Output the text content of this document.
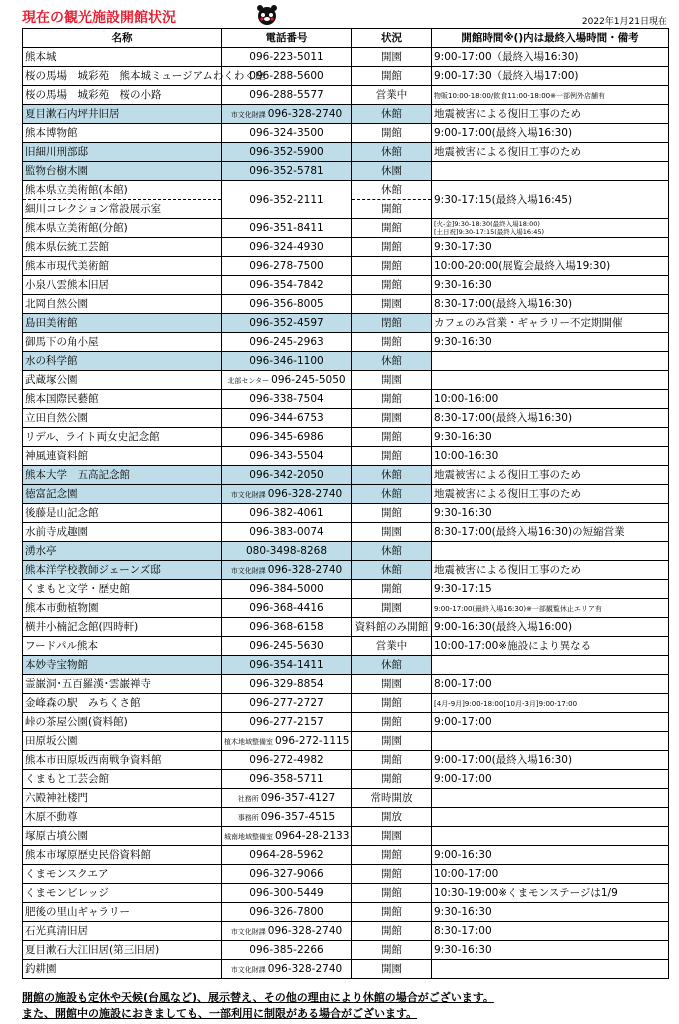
現在の観光施設開館状況	2022年1月21日現在
名称	電話番号	状況	開館時間※()内は最終入場時間・備考
熊本城	096-223-5011	開園	9:00-17:00（最終入場16:30)
桜の馬場　城彩苑　熊本城ミュージアムわくわく座	096-288-5600	開館	9:00-17:30（最終入場17:00)
桜の馬場　城彩苑　桜の小路	096-288-5577	営業中	物販10:00-18:00/飲食11:00-18:00※一部例外店舗有
夏目漱石内坪井旧居	市文化財課 096-328-2740	休館	地震被害による復旧工事のため
熊本博物館	096-324-3500	開館	9:00-17:00(最終入場16:30)
旧細川刑部邸	096-352-5900	休館	地震被害による復旧工事のため
監物台樹木園	096-352-5781	休園	
熊本県立美術館(本館)	096-352-2111	休館	9:30-17:15(最終入場16:45)
細川コレクション常設展示室		開館	
熊本県立美術館(分館)	096-351-8411	開館	[火-金]9:30-18:30(最終入場18:00)
[土日祝]9:30-17:15(最終入場16:45)

熊本県伝統工芸館	096-324-4930	開館	9:30-17:30
熊本市現代美術館	096-278-7500	開館	10:00-20:00(展覧会最終入場19:30)
小泉八雲熊本旧居	096-354-7842	開館	9:30-16:30
北岡自然公園	096-356-8005	開園	8:30-17:00(最終入場16:30)
島田美術館	096-352-4597	閉館	カフェのみ営業・ギャラリー不定期開催
御馬下の角小屋	096-245-2963	開館	9:30-16:30
水の科学館	096-346-1100	休館	
武蔵塚公園	北部センター 096-245-5050	開園	
熊本国際民藝館	096-338-7504	開館	10:00-16:00
立田自然公園	096-344-6753	開園	8:30-17:00(最終入場16:30)
リデル、ライト両女史記念館	096-345-6986	開館	9:30-16:30
神風連資料館	096-343-5504	開館	10:00-16:30
熊本大学　五高記念館	096-342-2050	休館	地震被害による復旧工事のため
徳富記念園	市文化財課 096-328-2740	休館	地震被害による復旧工事のため
後藤是山記念館	096-382-4061	開館	9:30-16:30
水前寺成趣園	096-383-0074	開園	8:30-17:00(最終入場16:30)の短縮営業
湧水亭	080-3498-8268	休館	
熊本洋学校教師ジェーンズ邸	市文化財課 096-328-2740	休館	地震被害による復旧工事のため
くまもと文学・歴史館	096-384-5000	開館	9:30-17:15
熊本市動植物園	096-368-4416	開園	9:00-17:00(最終入場16:30)※一部観覧休止エリア有
横井小楠記念館(四時軒)	096-368-6158	資料館のみ開館	9:00-16:30(最終入場16:00)
フードパル熊本	096-245-5630	営業中	10:00-17:00※施設により異なる
本妙寺宝物館	096-354-1411	休館	
霊巌洞･五百羅漢･雲巌禅寺	096-329-8854	開園	8:00-17:00
金峰森の駅　みちくさ館	096-277-2727	開館	[4月-9月]9:00-18:00[10月-3月]9:00-17:00
峠の茶屋公園(資料館)	096-277-2157	開館	9:00-17:00
田原坂公園	植木地域整備室 096-272-1115	開園	
熊本市田原坂西南戦争資料館	096-272-4982	開館	9:00-17:00(最終入場16:30)
くまもと工芸会館	096-358-5711	開館	9:00-17:00
六殿神社楼門	社務所 096-357-4127	常時開放	
木原不動尊	事務所 096-357-4515	開放	
塚原古墳公園	城南地域整備室 0964-28-2133	開園	
熊本市塚原歴史民俗資料館	0964-28-5962	開館	9:00-16:30
くまモンスクエア	096-327-9066	開館	10:00-17:00
くまモンビレッジ	096-300-5449	開館	10:30-19:00※くまモンステージは1/9
肥後の里山ギャラリー	096-326-7800	開館	9:30-16:30
石光真清旧居	市文化財課 096-328-2740	開館	8:30-17:00
夏目漱石大江旧居(第三旧居)	096-385-2266	開館	9:30-16:30
釣耕園	市文化財課 096-328-2740	開園	
開館の施設も定休や天候(台風など)、展示替え、その他の理由により休館の場合がございます。
また、開館中の施設におきましても、一部利用に制限がある場合がございます。
